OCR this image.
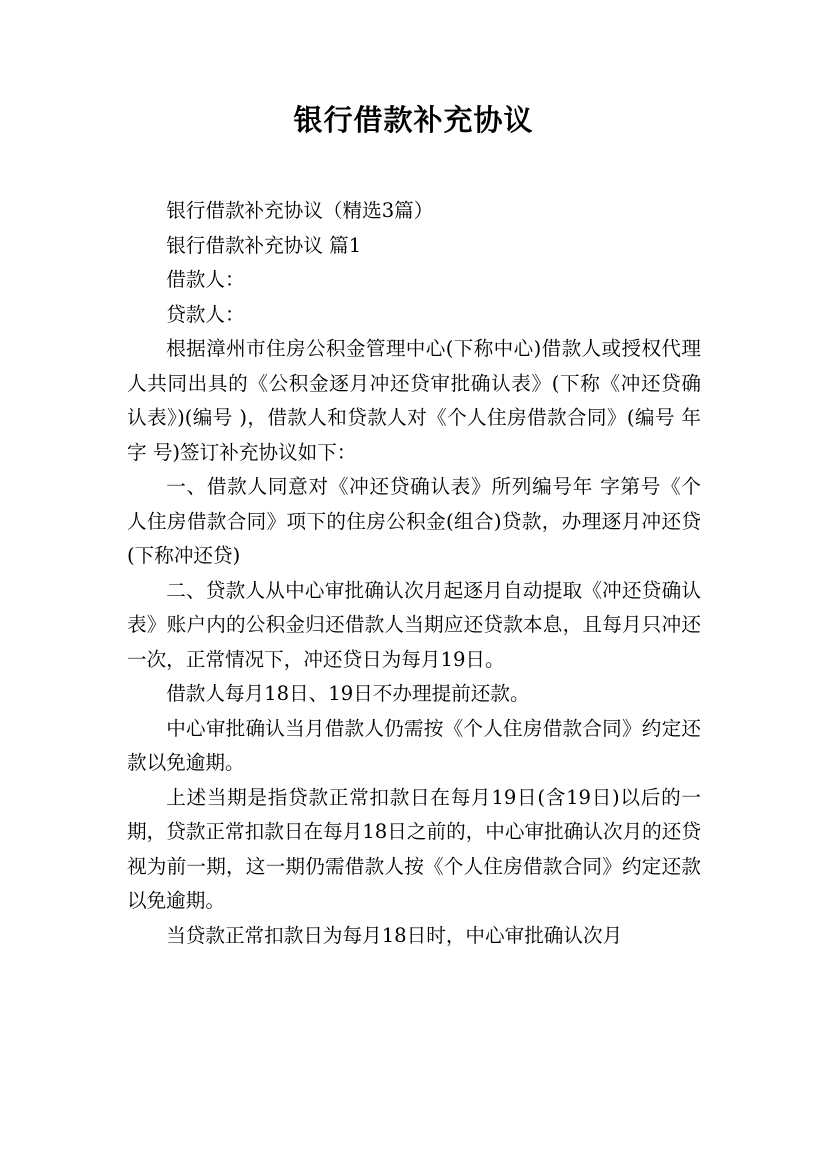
银行借款补充协议

银行借款补充协议（精选3篇）

银行借款补充协议 篇1

借款人：

贷款人：

根据漳州市住房公积金管理中心(下称中心)借款人或授权代理人共同出具的《公积金逐月冲还贷审批确认表》(下称《冲还贷确认表》)(编号 )，借款人和贷款人对《个人住房借款合同》(编号 年 字 号)签订补充协议如下：

一、借款人同意对《冲还贷确认表》所列编号年 字第号《个人住房借款合同》项下的住房公积金(组合)贷款，办理逐月冲还贷(下称冲还贷)

二、贷款人从中心审批确认次月起逐月自动提取《冲还贷确认表》账户内的公积金归还借款人当期应还贷款本息，且每月只冲还一次，正常情况下，冲还贷日为每月19日。

借款人每月18日、19日不办理提前还款。

中心审批确认当月借款人仍需按《个人住房借款合同》约定还款以免逾期。

上述当期是指贷款正常扣款日在每月19日(含19日)以后的一期，贷款正常扣款日在每月18日之前的，中心审批确认次月的还贷视为前一期，这一期仍需借款人按《个人住房借款合同》约定还款以免逾期。

当贷款正常扣款日为每月18日时，中心审批确认次月
